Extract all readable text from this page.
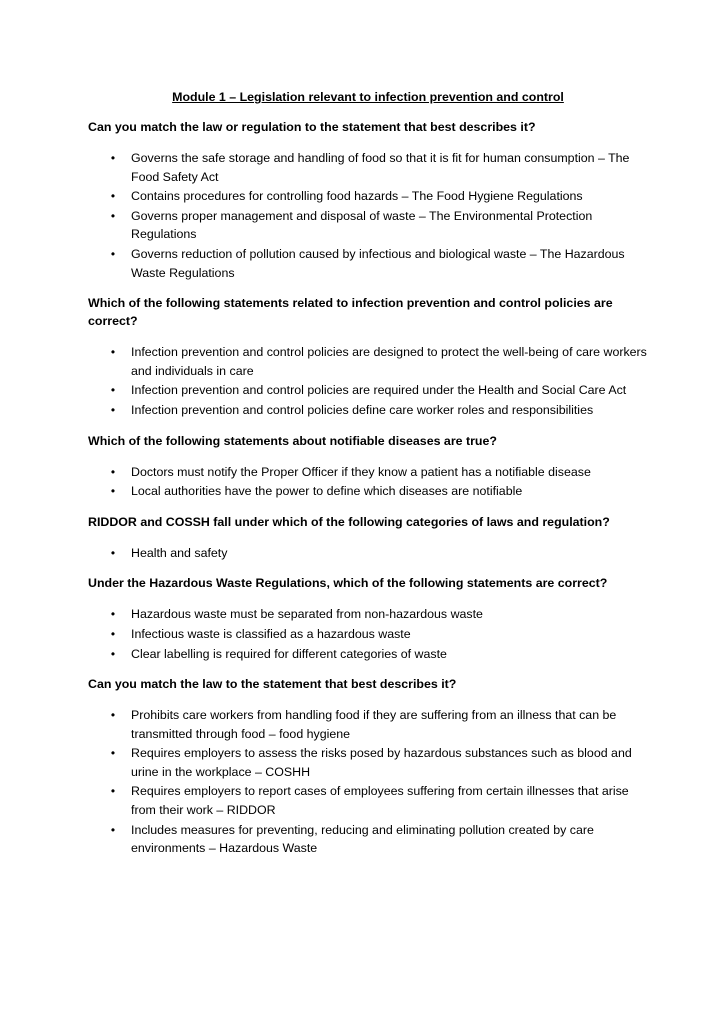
Module 1 – Legislation relevant to infection prevention and control

Can you match the law or regulation to the statement that best describes it?

• Governs the safe storage and handling of food so that it is fit for human consumption – The Food Safety Act
• Contains procedures for controlling food hazards – The Food Hygiene Regulations
• Governs proper management and disposal of waste – The Environmental Protection Regulations
• Governs reduction of pollution caused by infectious and biological waste – The Hazardous Waste Regulations

Which of the following statements related to infection prevention and control policies are correct?

• Infection prevention and control policies are designed to protect the well-being of care workers and individuals in care
• Infection prevention and control policies are required under the Health and Social Care Act
• Infection prevention and control policies define care worker roles and responsibilities

Which of the following statements about notifiable diseases are true?

• Doctors must notify the Proper Officer if they know a patient has a notifiable disease
• Local authorities have the power to define which diseases are notifiable

RIDDOR and COSSH fall under which of the following categories of laws and regulation?

• Health and safety

Under the Hazardous Waste Regulations, which of the following statements are correct?

• Hazardous waste must be separated from non-hazardous waste
• Infectious waste is classified as a hazardous waste
• Clear labelling is required for different categories of waste

Can you match the law to the statement that best describes it?

• Prohibits care workers from handling food if they are suffering from an illness that can be transmitted through food – food hygiene
• Requires employers to assess the risks posed by hazardous substances such as blood and urine in the workplace – COSHH
• Requires employers to report cases of employees suffering from certain illnesses that arise from their work – RIDDOR
• Includes measures for preventing, reducing and eliminating pollution created by care environments – Hazardous Waste
